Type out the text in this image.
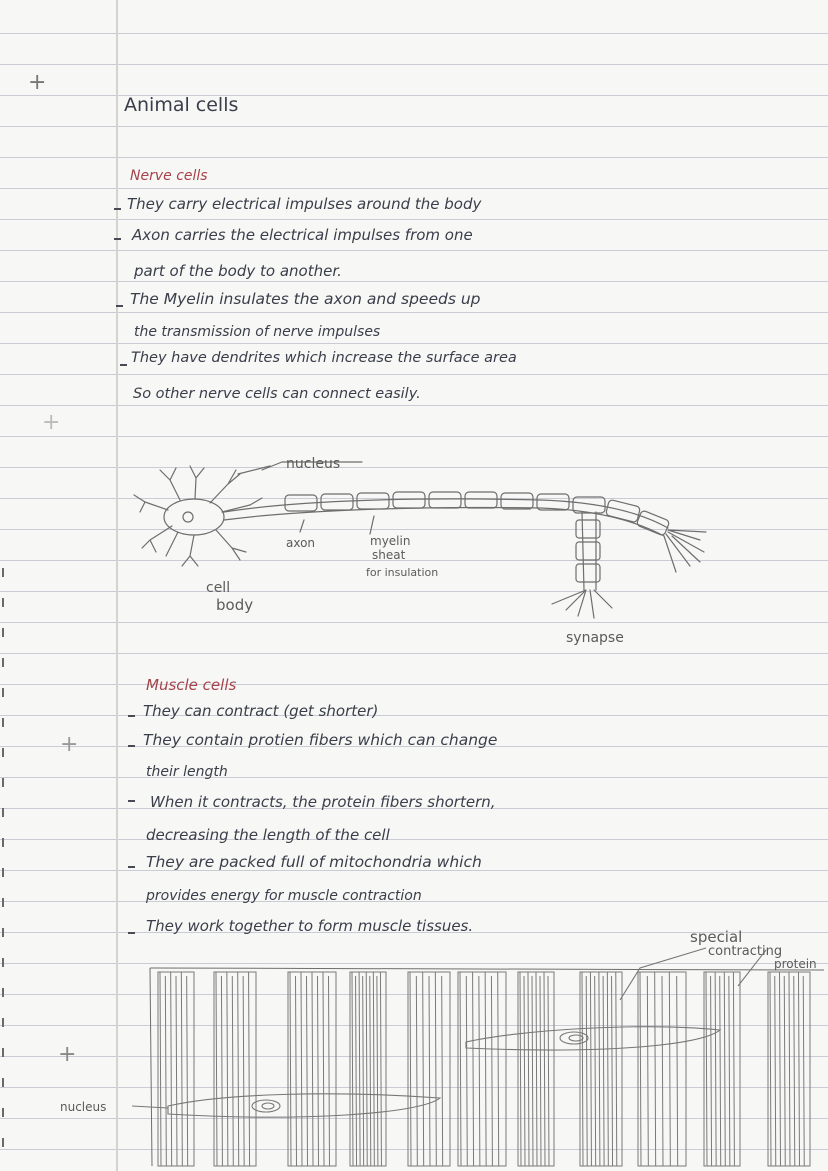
+
+
+
+
Animal cells
Nerve cells
They carry electrical impulses around the body
Axon carries the electrical impulses from one
part of the body to another.
The Myelin insulates the axon and speeds up
the transmission of nerve impulses
They have dendrites which increase the surface area
So other nerve cells can connect easily.
nucleus
axon	myelin
sheat
for insulation
cell
body
synapse
Muscle cells
They can contract (get shorter)
They contain protien fibers which can change
their length
When it contracts, the protein fibers shortern,
decreasing the length of the cell
They are packed full of mitochondria which
provides energy for muscle contraction
They work together to form muscle tissues.
special
contracting
protein
nucleus
